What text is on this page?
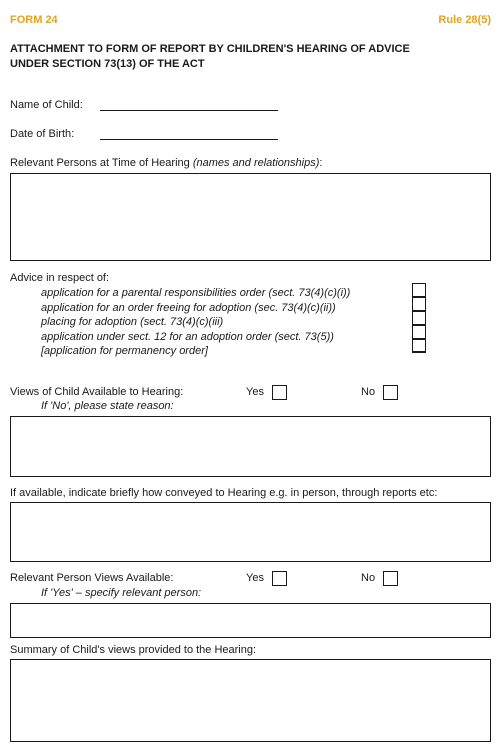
FORM 24	Rule 28(5)
ATTACHMENT TO FORM OF REPORT BY CHILDREN'S HEARING OF ADVICE
UNDER SECTION 73(13) OF THE ACT
Name of Child:
Date of Birth:
Relevant Persons at Time of Hearing (names and relationships):
Advice in respect of:
application for a parental responsibilities order (sect. 73(4)(c)(i))
application for an order freeing for adoption (sec. 73(4)(c)(ii))
placing for adoption (sect. 73(4)(c)(iii)
application under sect. 12 for an adoption order (sect. 73(5))
[application for permanency order]
Views of Child Available to Hearing:	Yes	No
If 'No', please state reason:
If available, indicate briefly how conveyed to Hearing e.g. in person, through reports etc:
Relevant Person Views Available:	Yes	No
If 'Yes' – specify relevant person:
Summary of Child's views provided to the Hearing:
